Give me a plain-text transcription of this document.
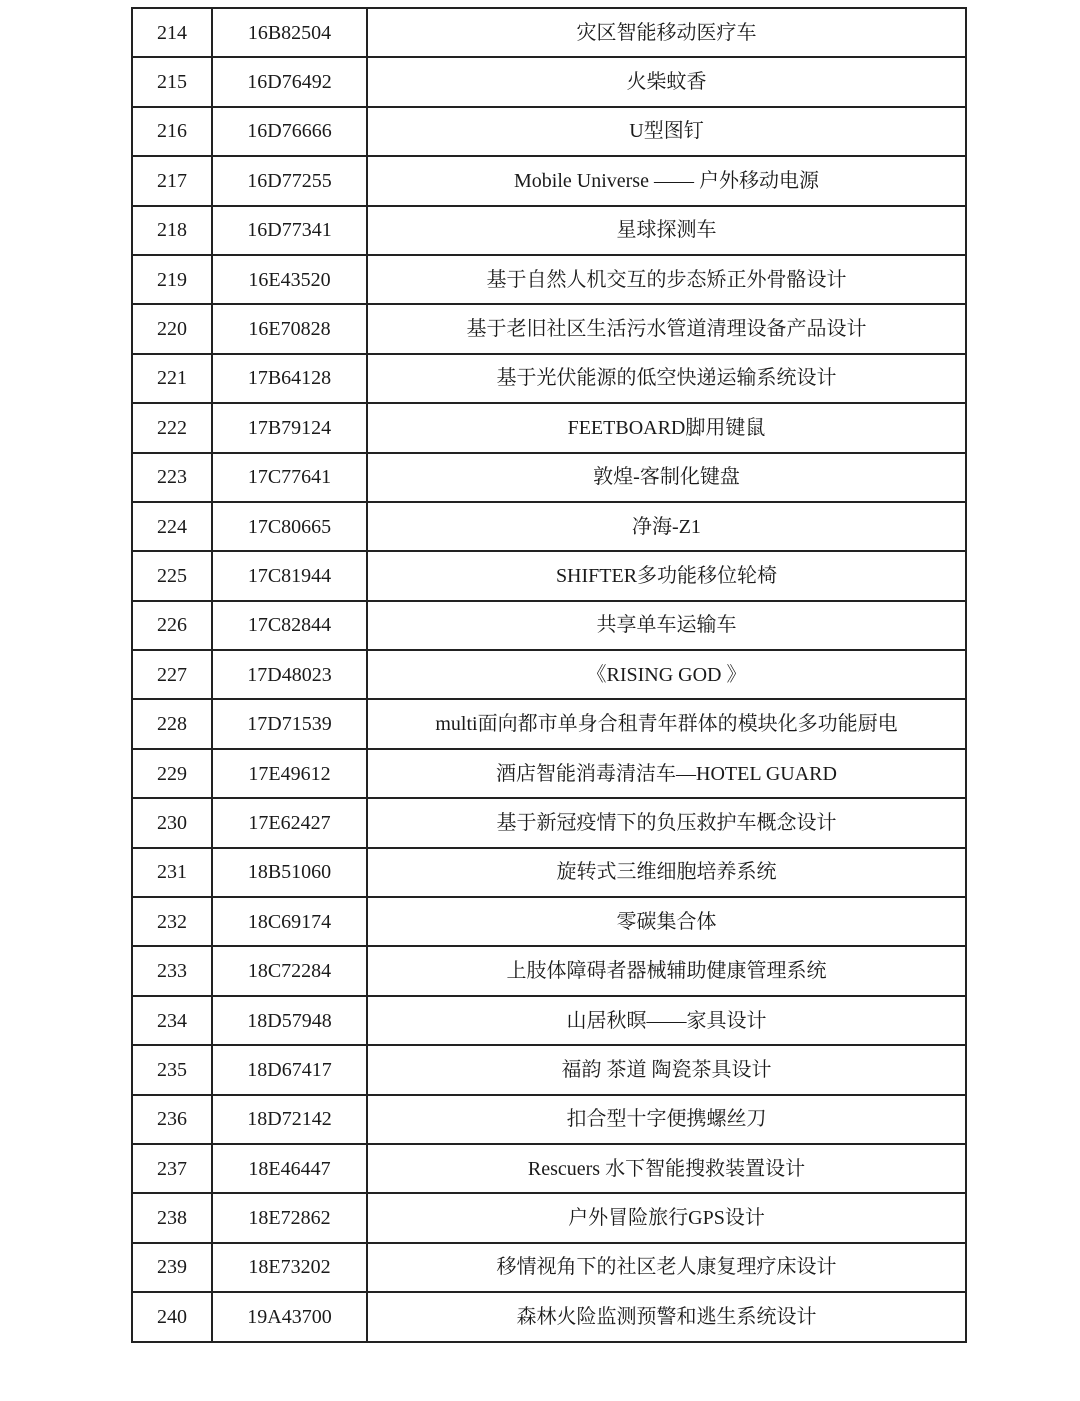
214	16B82504	灾区智能移动医疗车
215	16D76492	火柴蚊香
216	16D76666	U型图钉
217	16D77255	Mobile Universe —— 户外移动电源
218	16D77341	星球探测车
219	16E43520	基于自然人机交互的步态矫正外骨骼设计
220	16E70828	基于老旧社区生活污水管道清理设备产品设计
221	17B64128	基于光伏能源的低空快递运输系统设计
222	17B79124	FEETBOARD脚用键鼠
223	17C77641	敦煌-客制化键盘
224	17C80665	净海-Z1
225	17C81944	SHIFTER多功能移位轮椅
226	17C82844	共享单车运输车
227	17D48023	《RISING GOD 》
228	17D71539	multi面向都市单身合租青年群体的模块化多功能厨电
229	17E49612	酒店智能消毒清洁车—HOTEL GUARD
230	17E62427	基于新冠疫情下的负压救护车概念设计
231	18B51060	旋转式三维细胞培养系统
232	18C69174	零碳集合体
233	18C72284	上肢体障碍者器械辅助健康管理系统
234	18D57948	山居秋暝——家具设计
235	18D67417	福韵 茶道 陶瓷茶具设计
236	18D72142	扣合型十字便携螺丝刀
237	18E46447	Rescuers 水下智能搜救装置设计
238	18E72862	户外冒险旅行GPS设计
239	18E73202	移情视角下的社区老人康复理疗床设计
240	19A43700	森林火险监测预警和逃生系统设计
